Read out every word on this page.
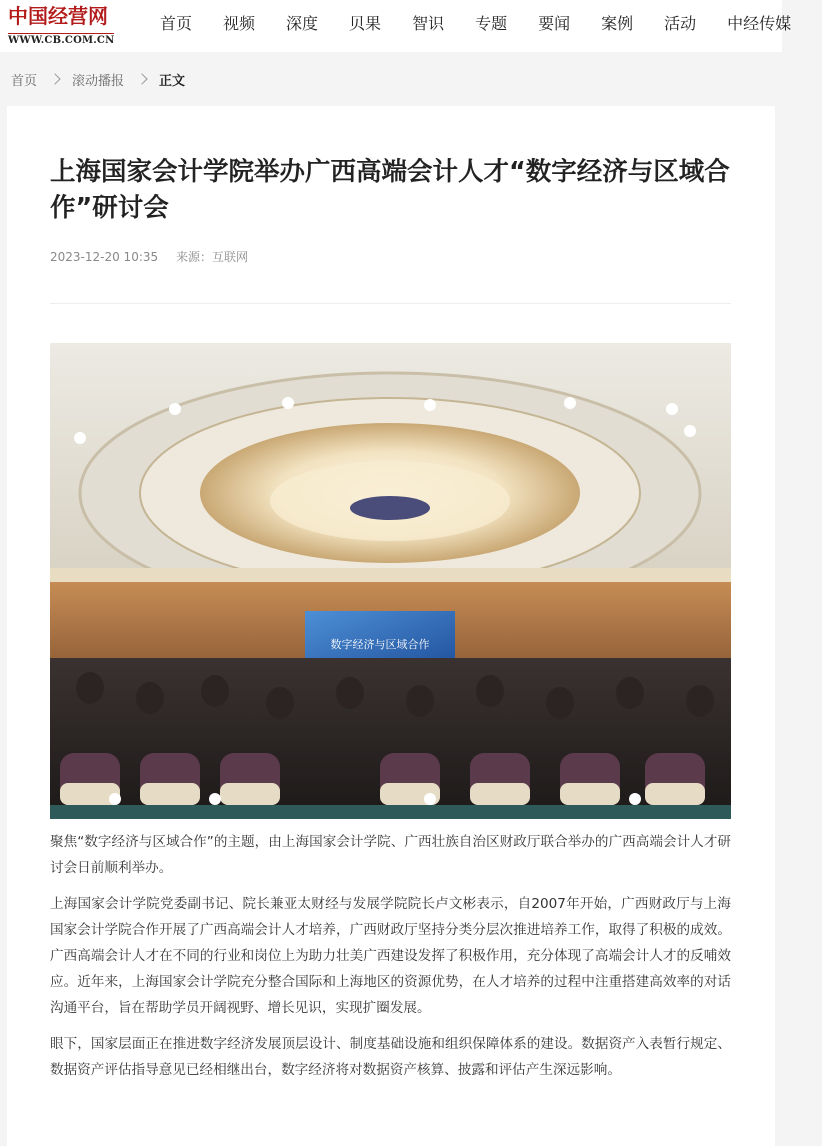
中国经营网
WWW.CB.COM.CN
首页 视频 深度 贝果 智识 专题 要闻 案例 活动 中经传媒
首页	滚动播报	正文
上海国家会计学院举办广西高端会计人才“数字经济与区域合作”研讨会
2023-12-20 10:35 来源：互联网
数字经济与区域合作

聚焦“数字经济与区域合作”的主题，由上海国家会计学院、广西壮族自治区财政厅联合举办的广西高端会计人才研讨会日前顺利举办。

上海国家会计学院党委副书记、院长兼亚太财经与发展学院院长卢文彬表示，自2007年开始，广西财政厅与上海国家会计学院合作开展了广西高端会计人才培养，广西财政厅坚持分类分层次推进培养工作，取得了积极的成效。广西高端会计人才在不同的行业和岗位上为助力壮美广西建设发挥了积极作用，充分体现了高端会计人才的反哺效应。近年来，上海国家会计学院充分整合国际和上海地区的资源优势，在人才培养的过程中注重搭建高效率的对话沟通平台，旨在帮助学员开阔视野、增长见识，实现扩圈发展。

眼下，国家层面正在推进数字经济发展顶层设计、制度基础设施和组织保障体系的建设。数据资产入表暂行规定、数据资产评估指导意见已经相继出台，数字经济将对数据资产核算、披露和评估产生深远影响。
